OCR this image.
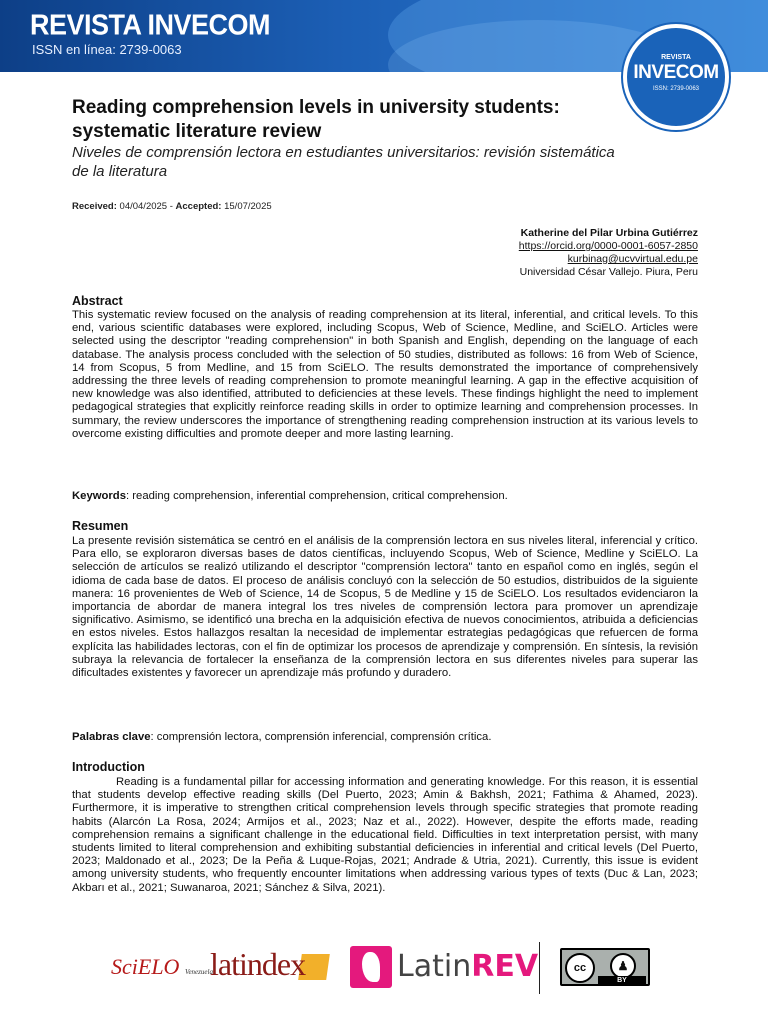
REVISTA INVECOM
ISSN en línea: 2739-0063
REVISTA
INVECOM
ISSN: 2739-0063
Reading comprehension levels in university students: systematic literature review
Niveles de comprensión lectora en estudiantes universitarios: revisión sistemática de la literatura
Received: 04/04/2025 - Accepted: 15/07/2025
Katherine del Pilar Urbina Gutiérrez
https://orcid.org/0000-0001-6057-2850
kurbinag@ucvvirtual.edu.pe
Universidad César Vallejo. Piura, Peru
Abstract

This systematic review focused on the analysis of reading comprehension at its literal, inferential, and critical levels. To this end, various scientific databases were explored, including Scopus, Web of Science, Medline, and SciELO. Articles were selected using the descriptor "reading comprehension" in both Spanish and English, depending on the language of each database. The analysis process concluded with the selection of 50 studies, distributed as follows: 16 from Web of Science, 14 from Scopus, 5 from Medline, and 15 from SciELO. The results demonstrated the importance of comprehensively addressing the three levels of reading comprehension to promote meaningful learning. A gap in the effective acquisition of new knowledge was also identified, attributed to deficiencies at these levels. These findings highlight the need to implement pedagogical strategies that explicitly reinforce reading skills in order to optimize learning and comprehension processes. In summary, the review underscores the importance of strengthening reading comprehension instruction at its various levels to overcome existing difficulties and promote deeper and more lasting learning.

Keywords: reading comprehension, inferential comprehension, critical comprehension.
Resumen

La presente revisión sistemática se centró en el análisis de la comprensión lectora en sus niveles literal, inferencial y crítico. Para ello, se exploraron diversas bases de datos científicas, incluyendo Scopus, Web of Science, Medline y SciELO. La selección de artículos se realizó utilizando el descriptor "comprensión lectora" tanto en español como en inglés, según el idioma de cada base de datos. El proceso de análisis concluyó con la selección de 50 estudios, distribuidos de la siguiente manera: 16 provenientes de Web of Science, 14 de Scopus, 5 de Medline y 15 de SciELO. Los resultados evidenciaron la importancia de abordar de manera integral los tres niveles de comprensión lectora para promover un aprendizaje significativo. Asimismo, se identificó una brecha en la adquisición efectiva de nuevos conocimientos, atribuida a deficiencias en estos niveles. Estos hallazgos resaltan la necesidad de implementar estrategias pedagógicas que refuercen de forma explícita las habilidades lectoras, con el fin de optimizar los procesos de aprendizaje y comprensión. En síntesis, la revisión subraya la relevancia de fortalecer la enseñanza de la comprensión lectora en sus diferentes niveles para superar las dificultades existentes y favorecer un aprendizaje más profundo y duradero.

Palabras clave: comprensión lectora, comprensión inferencial, comprensión crítica.
Introduction

Reading is a fundamental pillar for accessing information and generating knowledge. For this reason, it is essential that students develop effective reading skills (Del Puerto, 2023; Amin & Bakhsh, 2021; Fathima & Ahamed, 2023). Furthermore, it is imperative to strengthen critical comprehension levels through specific strategies that promote reading habits (Alarcón La Rosa, 2024; Armijos et al., 2023; Naz et al., 2022). However, despite the efforts made, reading comprehension remains a significant challenge in the educational field. Difficulties in text interpretation persist, with many students limited to literal comprehension and exhibiting substantial deficiencies in inferential and critical levels (Del Puerto, 2023; Maldonado et al., 2023; De la Peña & Luque-Rojas, 2021; Andrade & Utria, 2021). Currently, this issue is evident among university students, who frequently encounter limitations when addressing various types of texts (Duc & Lan, 2023; Akbarı et al., 2021; Suwanaroa, 2021; Sánchez & Silva, 2021).

SciELO Venezuela
latindex	LatinREV	cc	♟
BY
